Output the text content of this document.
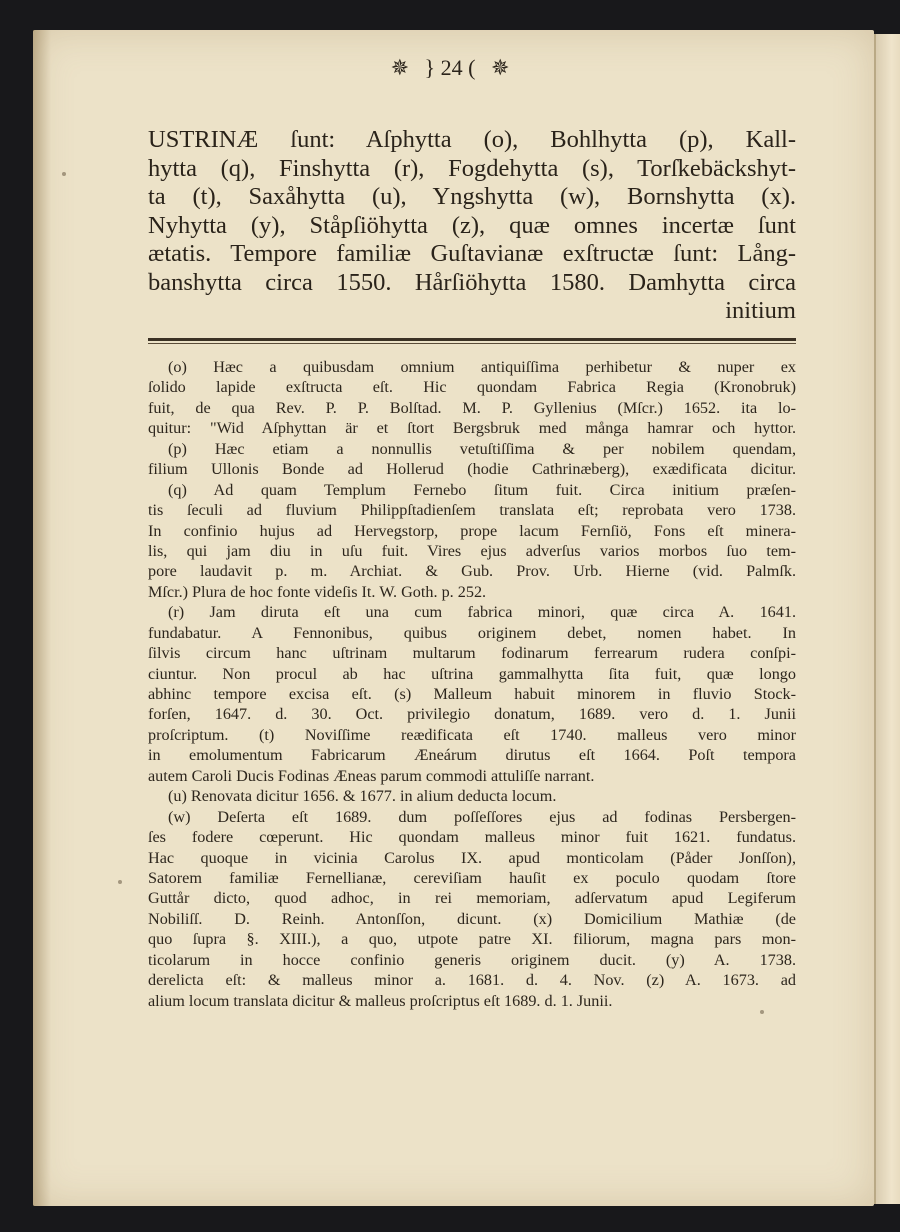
✵ } 24 ( ✵
USTRINÆ ſunt: Aſphytta (o), Bohlhytta (p), Kall-
hytta (q), Finshytta (r), Fogdehytta (s), Torſkebäckshyt-
ta (t), Saxåhytta (u), Yngshytta (w), Bornshytta (x).
Nyhytta (y), Ståpſiöhytta (z), quæ omnes incertæ ſunt
ætatis. Tempore familiæ Guſtavianæ exſtructæ ſunt: Lång-
banshytta circa 1550. Hårſiöhytta 1580. Damhytta circa
initium
(o) Hæc a quibusdam omnium antiquiſſima perhibetur & nuper ex
ſolido lapide exſtructa eſt. Hic quondam Fabrica Regia (Kronobruk)
fuit, de qua Rev. P. P. Bolſtad. M. P. Gyllenius (Mſcr.) 1652. ita lo-
quitur: "Wid Aſphyttan är et ſtort Bergsbruk med många hamrar och hyttor.
(p) Hæc etiam a nonnullis vetuſtiſſima & per nobilem quendam,
filium Ullonis Bonde ad Hollerud (hodie Cathrinæberg), exædificata dicitur.
(q) Ad quam Templum Fernebo ſitum fuit. Circa initium præſen-
tis ſeculi ad fluvium Philippſtadienſem translata eſt; reprobata vero 1738.
In confinio hujus ad Hervegstorp, prope lacum Fernſiö, Fons eſt minera-
lis, qui jam diu in uſu fuit. Vires ejus adverſus varios morbos ſuo tem-
pore laudavit p. m. Archiat. & Gub. Prov. Urb. Hierne (vid. Palmſk.
Mſcr.) Plura de hoc fonte videſis It. W. Goth. p. 252.
(r) Jam diruta eſt una cum fabrica minori, quæ circa A. 1641.
fundabatur. A Fennonibus, quibus originem debet, nomen habet. In
ſilvis circum hanc uſtrinam multarum fodinarum ferrearum rudera conſpi-
ciuntur. Non procul ab hac uſtrina gammalhytta ſita fuit, quæ longo
abhinc tempore excisa eſt. (s) Malleum habuit minorem in fluvio Stock-
forſen, 1647. d. 30. Oct. privilegio donatum, 1689. vero d. 1. Junii
proſcriptum. (t) Noviſſime reædificata eſt 1740. malleus vero minor
in emolumentum Fabricarum Æneárum dirutus eſt 1664. Poſt tempora
autem Caroli Ducis Fodinas Æneas parum commodi attuliſſe narrant.
(u) Renovata dicitur 1656. & 1677. in alium deducta locum.
(w) Deſerta eſt 1689. dum poſſeſſores ejus ad fodinas Persbergen-
ſes fodere cœperunt. Hic quondam malleus minor fuit 1621. fundatus.
Hac quoque in vicinia Carolus IX. apud monticolam (Påder Jonſſon),
Satorem familiæ Fernellianæ, cereviſiam hauſit ex poculo quodam ſtore
Guttår dicto, quod adhoc, in rei memoriam, adſervatum apud Legiferum
Nobiliſſ. D. Reinh. Antonſſon, dicunt. (x) Domicilium Mathiæ (de
quo ſupra §. XIII.), a quo, utpote patre XI. filiorum, magna pars mon-
ticolarum in hocce confinio generis originem ducit. (y) A. 1738.
derelicta eſt: & malleus minor a. 1681. d. 4. Nov. (z) A. 1673. ad
alium locum translata dicitur & malleus proſcriptus eſt 1689. d. 1. Junii.
